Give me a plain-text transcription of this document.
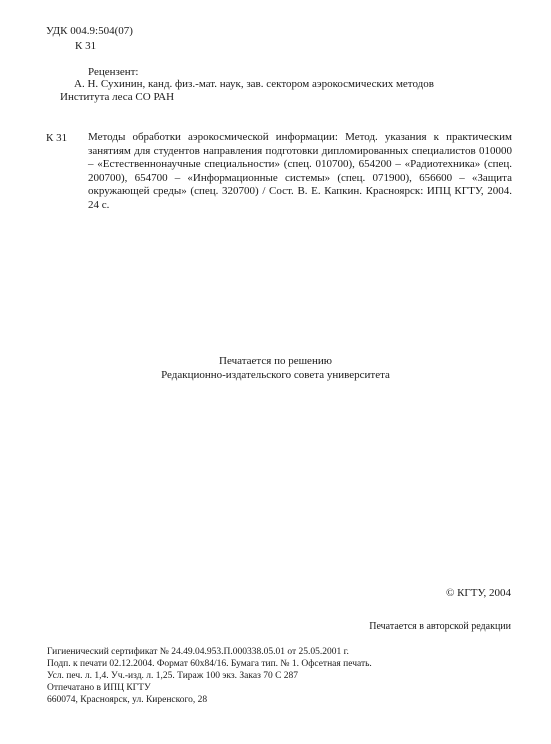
УДК 004.9:504(07)
К 31
Рецензент:
А. Н. Сухинин, канд. физ.-мат. наук, зав. сектором аэрокосмических методов
Института леса СО РАН
К 31 Методы обработки аэрокосмической информации: Метод. указания к практическим занятиям для студентов направления подготовки дипломированных специалистов 010000 – «Естественнонаучные специальности» (спец. 010700), 654200 – «Радиотехника» (спец. 200700), 654700 – «Информационные системы» (спец. 071900), 656600 – «Защита окружающей среды» (спец. 320700) / Сост. В. Е. Капкин. Красноярск: ИПЦ КГТУ, 2004. 24 с.

Печатается по решению
Редакционно-издательского совета университета
© КГТУ, 2004
Печатается в авторской редакции
Гигиенический сертификат № 24.49.04.953.П.000338.05.01 от 25.05.2001 г.
Подп. к печати 02.12.2004. Формат 60x84/16. Бумага тип. № 1. Офсетная печать.
Усл. печ. л. 1,4. Уч.-изд. л. 1,25. Тираж 100 экз. Заказ 70 С 287
Отпечатано в ИПЦ КГТУ
660074, Красноярск, ул. Киренского, 28
